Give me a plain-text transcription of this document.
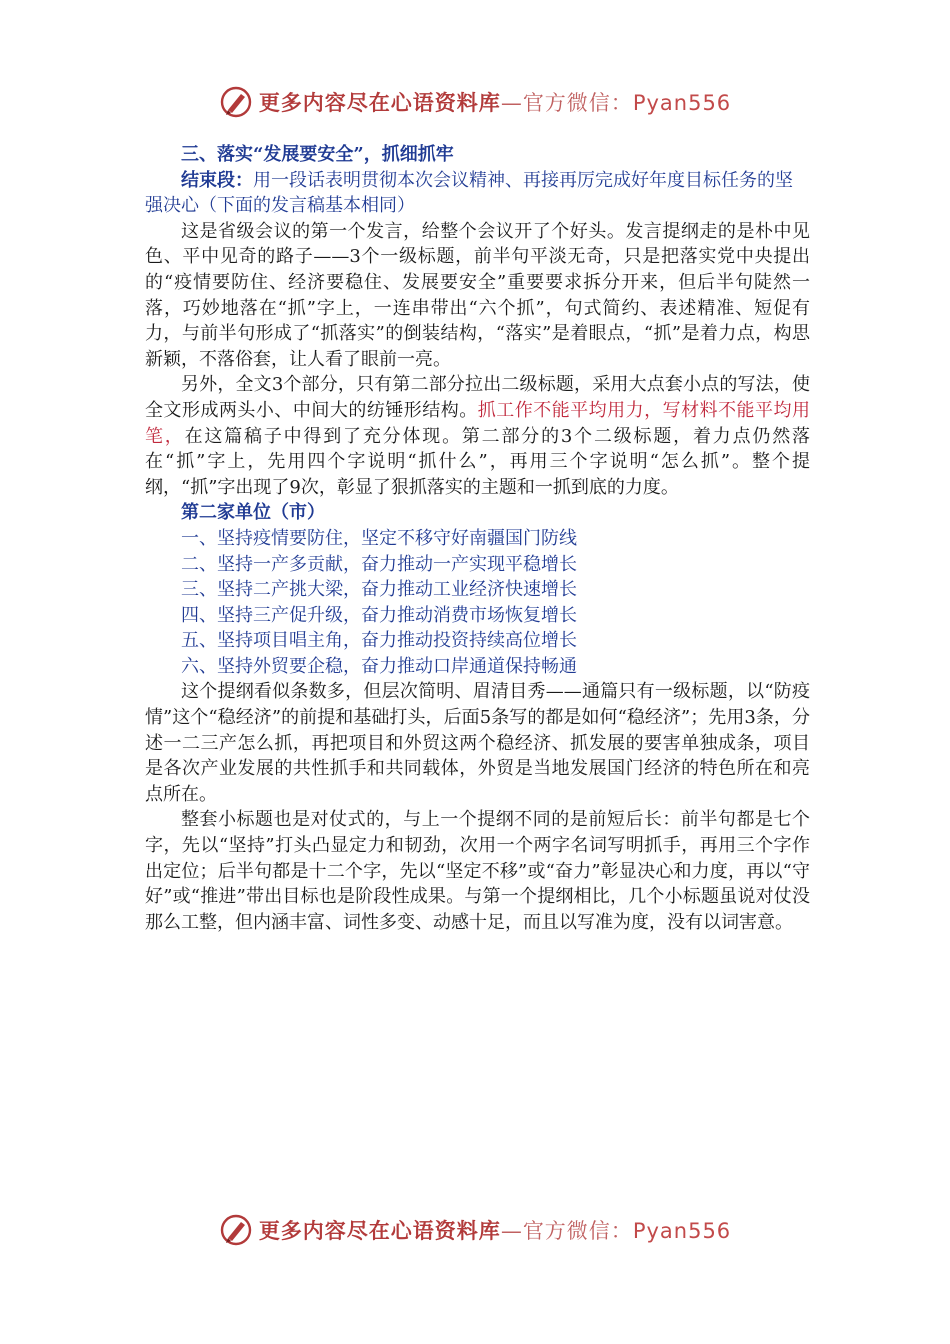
更多内容尽在心语资料库—官方微信：Pyan556

三、落实“发展要安全”，抓细抓牢

结束段：用一段话表明贯彻本次会议精神、再接再厉完成好年度目标任务的坚强决心（下面的发言稿基本相同）

这是省级会议的第一个发言，给整个会议开了个好头。发言提纲走的是朴中见色、平中见奇的路子——3个一级标题，前半句平淡无奇，只是把落实党中央提出的“疫情要防住、经济要稳住、发展要安全”重要要求拆分开来，但后半句陡然一落，巧妙地落在“抓”字上，一连串带出“六个抓”，句式简约、表述精准、短促有力，与前半句形成了“抓落实”的倒装结构，“落实”是着眼点，“抓”是着力点，构思新颖，不落俗套，让人看了眼前一亮。

另外，全文3个部分，只有第二部分拉出二级标题，采用大点套小点的写法，使全文形成两头小、中间大的纺锤形结构。抓工作不能平均用力，写材料不能平均用笔，在这篇稿子中得到了充分体现。第二部分的3个二级标题，着力点仍然落在“抓”字上，先用四个字说明“抓什么”，再用三个字说明“怎么抓”。整个提纲，“抓”字出现了9次，彰显了狠抓落实的主题和一抓到底的力度。

第二家单位（市）

一、坚持疫情要防住，坚定不移守好南疆国门防线

二、坚持一产多贡献，奋力推动一产实现平稳增长

三、坚持二产挑大梁，奋力推动工业经济快速增长

四、坚持三产促升级，奋力推动消费市场恢复增长

五、坚持项目唱主角，奋力推动投资持续高位增长

六、坚持外贸要企稳，奋力推动口岸通道保持畅通

这个提纲看似条数多，但层次简明、眉清目秀——通篇只有一级标题，以“防疫情”这个“稳经济”的前提和基础打头，后面5条写的都是如何“稳经济”；先用3条，分述一二三产怎么抓，再把项目和外贸这两个稳经济、抓发展的要害单独成条，项目是各次产业发展的共性抓手和共同载体，外贸是当地发展国门经济的特色所在和亮点所在。

整套小标题也是对仗式的，与上一个提纲不同的是前短后长：前半句都是七个字，先以“坚持”打头凸显定力和韧劲，次用一个两字名词写明抓手，再用三个字作出定位；后半句都是十二个字，先以“坚定不移”或“奋力”彰显决心和力度，再以“守好”或“推进”带出目标也是阶段性成果。与第一个提纲相比，几个小标题虽说对仗没那么工整，但内涵丰富、词性多变、动感十足，而且以写准为度，没有以词害意。

更多内容尽在心语资料库—官方微信：Pyan556
